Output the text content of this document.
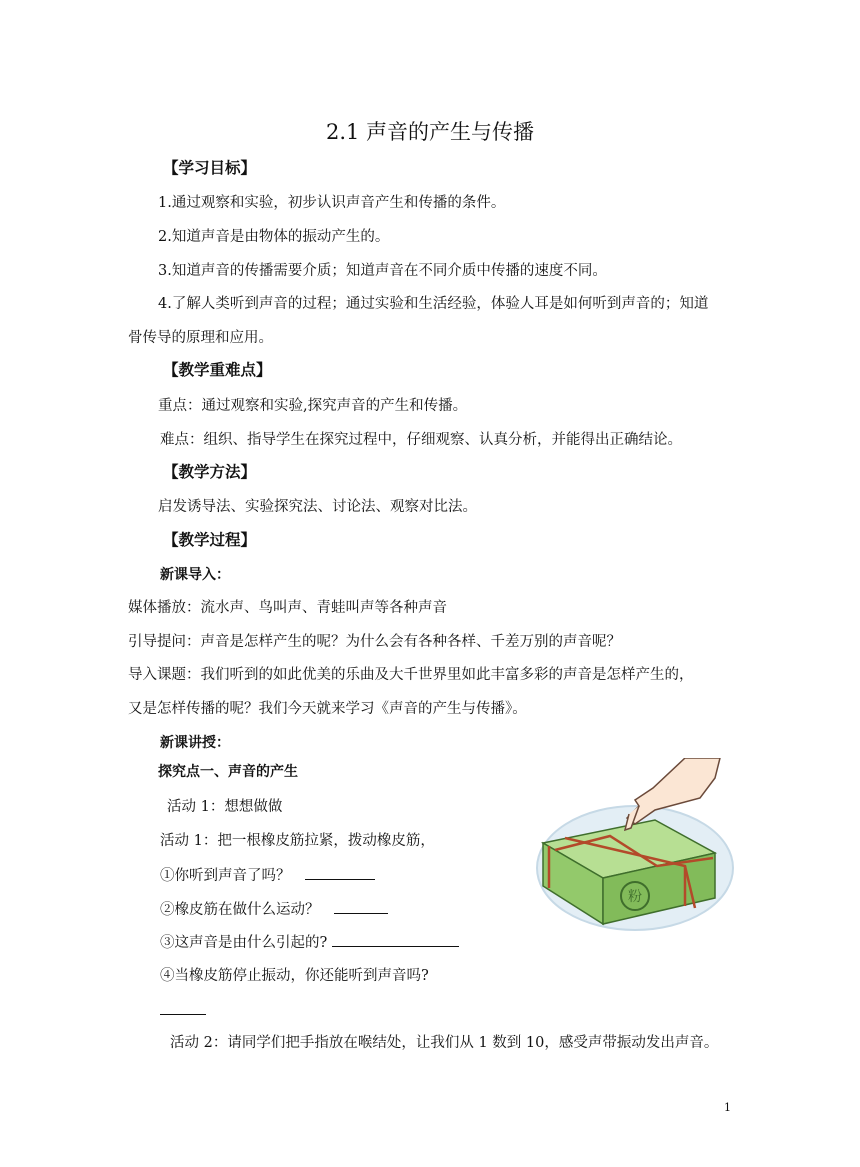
2.1 声音的产生与传播
【学习目标】
1.通过观察和实验，初步认识声音产生和传播的条件。
2.知道声音是由物体的振动产生的。
3.知道声音的传播需要介质；知道声音在不同介质中传播的速度不同。
4.了解人类听到声音的过程；通过实验和生活经验，体验人耳是如何听到声音的；知道
骨传导的原理和应用。
【教学重难点】
重点：通过观察和实验,探究声音的产生和传播。
难点：组织、指导学生在探究过程中，仔细观察、认真分析，并能得出正确结论。
【教学方法】
启发诱导法、实验探究法、讨论法、观察对比法。
【教学过程】
新课导入：
媒体播放：流水声、鸟叫声、青蛙叫声等各种声音
引导提问：声音是怎样产生的呢？为什么会有各种各样、千差万别的声音呢？
导入课题：我们听到的如此优美的乐曲及大千世界里如此丰富多彩的声音是怎样产生的，
又是怎样传播的呢？我们今天就来学习《声音的产生与传播》。
新课讲授：
探究点一、声音的产生
活动 1：想想做做
活动 1：把一根橡皮筋拉紧，拨动橡皮筋，
①你听到声音了吗？
②橡皮筋在做什么运动？
③这声音是由什么引起的?
④当橡皮筋停止振动，你还能听到声音吗?
活动 2：请同学们把手指放在喉结处，让我们从 1 数到 10，感受声带振动发出声音。
粉
1
